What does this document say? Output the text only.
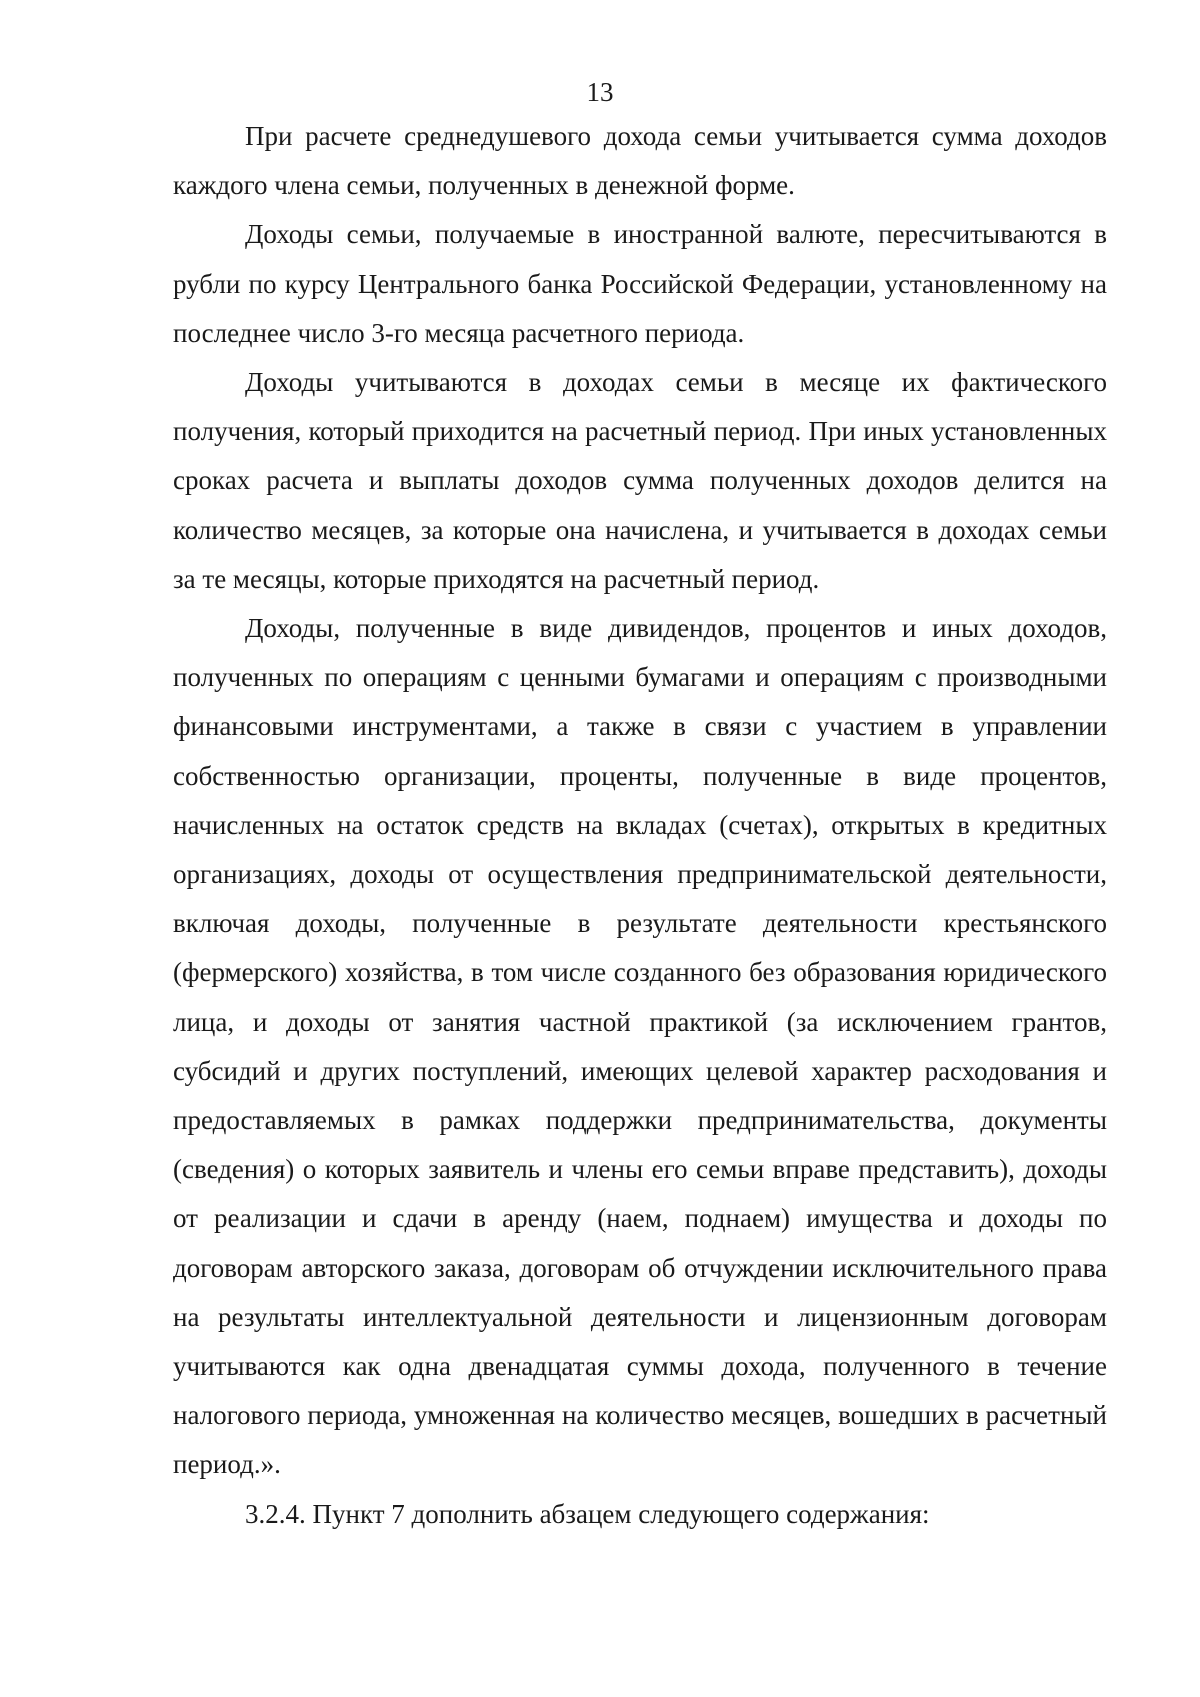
13

При расчете среднедушевого дохода семьи учитывается сумма доходов каждого члена семьи, полученных в денежной форме.

Доходы семьи, получаемые в иностранной валюте, пересчитываются в рубли по курсу Центрального банка Российской Федерации, установленному на последнее число 3-го месяца расчетного периода.

Доходы учитываются в доходах семьи в месяце их фактического получения, который приходится на расчетный период. При иных установленных сроках расчета и выплаты доходов сумма полученных доходов делится на количество месяцев, за которые она начислена, и учитывается в доходах семьи за те месяцы, которые приходятся на расчетный период.

Доходы, полученные в виде дивидендов, процентов и иных доходов, полученных по операциям с ценными бумагами и операциям с производными финансовыми инструментами, а также в связи с участием в управлении собственностью организации, проценты, полученные в виде процентов, начисленных на остаток средств на вкладах (счетах), открытых в кредитных организациях, доходы от осуществления предпринимательской деятельности, включая доходы, полученные в результате деятельности крестьянского (фермерского) хозяйства, в том числе созданного без образования юридического лица, и доходы от занятия частной практикой (за исключением грантов, субсидий и других поступлений, имеющих целевой характер расходования и предоставляемых в рамках поддержки предпринимательства, документы (сведения) о которых заявитель и члены его семьи вправе представить), доходы от реализации и сдачи в аренду (наем, поднаем) имущества и доходы по договорам авторского заказа, договорам об отчуждении исключительного права на результаты интеллектуальной деятельности и лицензионным договорам учитываются как одна двенадцатая суммы дохода, полученного в течение налогового периода, умноженная на количество месяцев, вошедших в расчетный период.».

3.2.4. Пункт 7 дополнить абзацем следующего содержания:
